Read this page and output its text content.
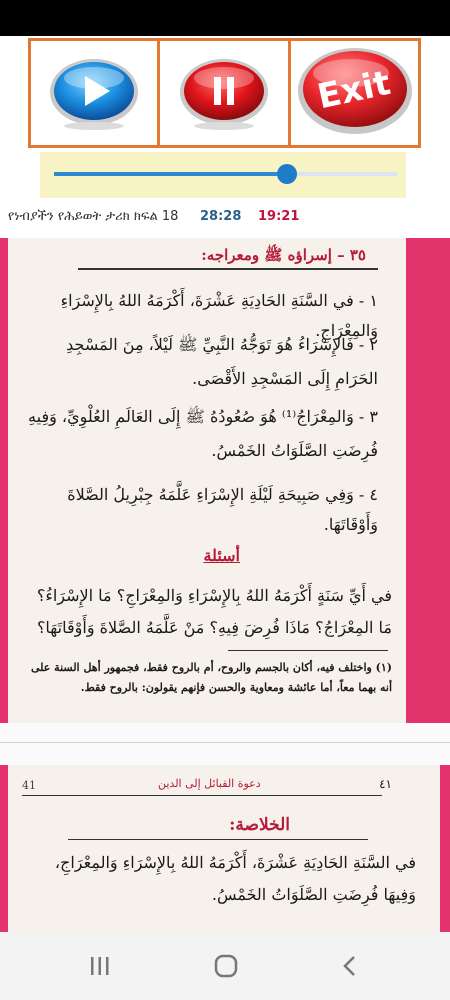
Exit
የነብያችን የሕይወት ታሪክ ክፍል 18 28:28 19:21
٣٥ – إسراؤه ﷺ ومعراجه:
١ - في السَّنَةِ الحَادِيَةِ عَشْرَةَ، أَكْرَمَهُ اللهُ بِالإِسْرَاءِ وَالمِعْرَاجِ.
٢ - فَالإِسْرَاءُ هُوَ تَوَجُّهُ النَّبِيِّ ﷺ لَيْلاً، مِنَ المَسْجِدِ الحَرَامِ إِلَى المَسْجِدِ الأَقْصَى.
٣ - وَالمِعْرَاجُ⁽¹⁾ هُوَ صُعُودُهُ ﷺ إِلَى العَالَمِ العُلْوِيِّ، وَفِيهِ فُرِضَتِ الصَّلَوَاتُ الخَمْسُ.
٤ - وَفِي صَبِيحَةِ لَيْلَةِ الإِسْرَاءِ عَلَّمَهُ جِبْرِيلُ الصَّلاةَ وَأَوْقَاتَهَا.
أسئلة
في أَيِّ سَنَةٍ أَكْرَمَهُ اللهُ بِالإِسْرَاءِ وَالمِعْرَاجِ؟ مَا الإِسْرَاءُ؟ مَا المِعْرَاجُ؟ مَاذَا فُرِضَ فِيهِ؟ مَنْ عَلَّمَهُ الصَّلاةَ وَأَوْقَاتَهَا؟
(١) واختلف فيه، أكان بالجسم والروح، أم بالروح فقط، فجمهور أهل السنة على أنه بهما معاً، أما عائشة ومعاوية والحسن فإنهم يقولون: بالروح فقط.
41	دعوة القبائل إلى الدين	٤١
الخلاصة:
في السَّنَةِ الحَادِيَةِ عَشْرَةَ، أَكْرَمَهُ اللهُ بِالإِسْرَاءِ وَالمِعْرَاجِ، وَفِيهَا فُرِضَتِ الصَّلَوَاتُ الخَمْسُ.
